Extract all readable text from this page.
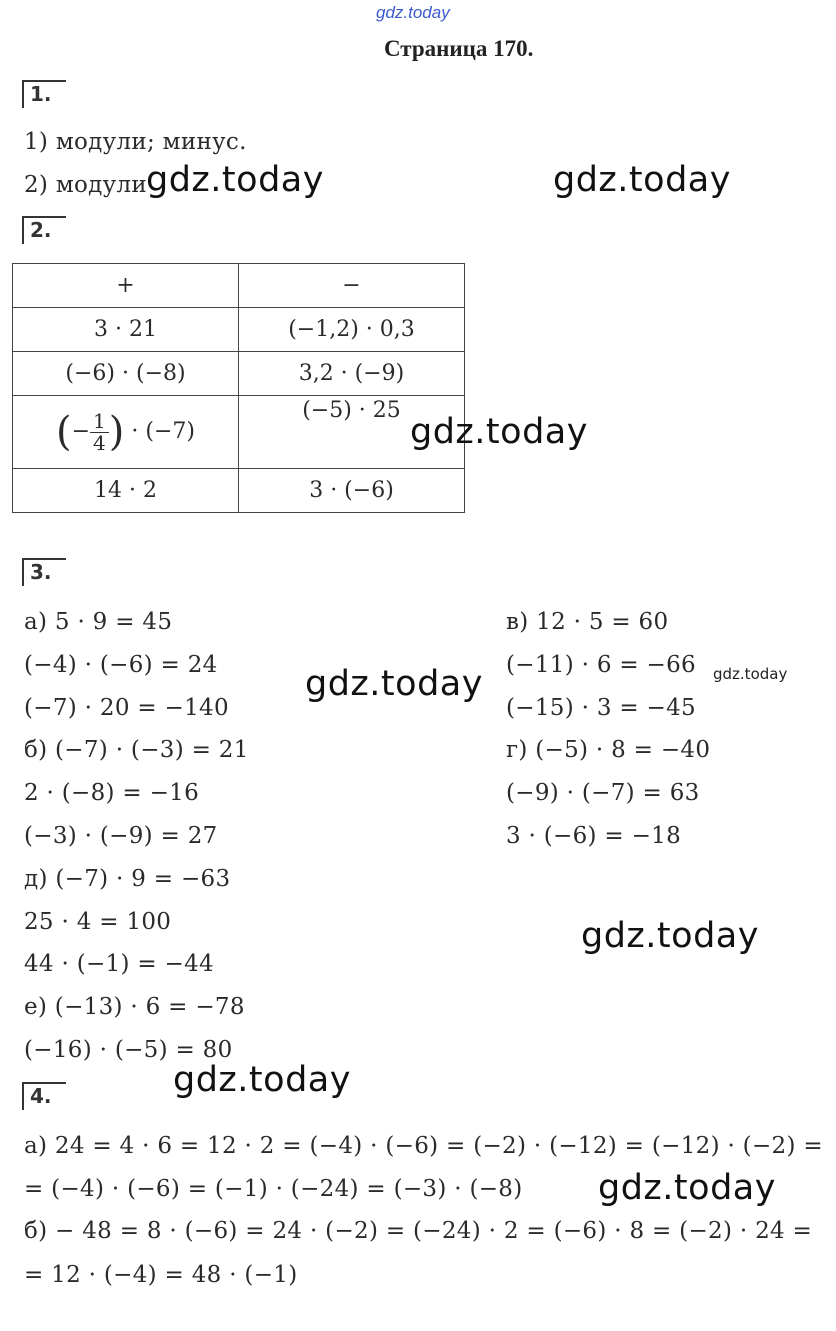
gdz.today
Страница 170.
1.
1) модули; минус.
2) модули
2.
+	−
3 · 21	(−1,2) · 0,3
(−6) · (−8)	3,2 · (−9)
(− $\frac{1}{4}$ ) · (−7)	(−5) · 25
14 · 2	3 · (−6)
3.
а) 5 · 9 = 45
(−4) · (−6) = 24
(−7) · 20 = −140
б) (−7) · (−3) = 21
2 · (−8) = −16
(−3) · (−9) = 27
д) (−7) · 9 = −63
25 · 4 = 100
44 · (−1) = −44
е) (−13) · 6 = −78
(−16) · (−5) = 80
в) 12 · 5 = 60
(−11) · 6 = −66
(−15) · 3 = −45
г) (−5) · 8 = −40
(−9) · (−7) = 63
3 · (−6) = −18
4.
а) 24 = 4 · 6 = 12 · 2 = (−4) · (−6) = (−2) · (−12) = (−12) · (−2) =
= (−4) · (−6) = (−1) · (−24) = (−3) · (−8)
б) − 48 = 8 · (−6) = 24 · (−2) = (−24) · 2 = (−6) · 8 = (−2) · 24 =
= 12 · (−4) = 48 · (−1)
gdz.today	gdz.today
gdz.today
gdz.today	gdz.today
gdz.today
gdz.today
gdz.today
